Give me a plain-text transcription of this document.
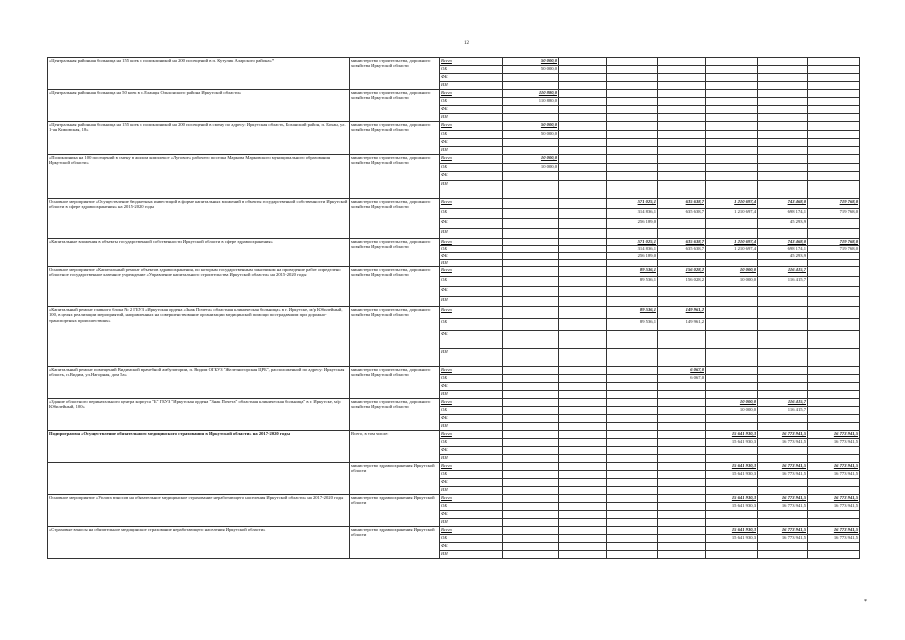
12
«Центральная районная больница на 155 коек с поликлиникой на 200 посещений в п. Кутулик Аларского района»*	министерство строительства, дорожного хозяйства Иркутской области	Всего	50 000,0							
		ОБ	50 000,0							
		ФБ								
		ИИ								
«Центральная районная больница на 50 коек в с.Еланцы Ольхонского района Иркутской области»	министерство строительства, дорожного хозяйства Иркутской области	Всего	110 880,0							
		ОБ	110 880,0							
		ФБ								
		ИИ								
«Центральная районная больница на 155 коек с поликлиникой на 200 посещений в смену по адресу: Иркутская область, Боханский район, п. Бохан, ул. 1-ая Кимовская, 18»	министерство строительства, дорожного хозяйства Иркутской области	Всего	50 000,0							
		ОБ	50 000,0							
		ФБ								
		ИИ								
«Поликлиника на 100 посещений в смену в жилом комплексе «Луговое» рабочего поселка Маркова Марковского муниципального образования Иркутской области»	министерство строительства, дорожного хозяйства Иркутской области	Всего	10 000,0							
		ОБ	10 000,0							
		ФБ								
		ИИ								
Основное мероприятие «Осуществление бюджетных инвестиций в форме капитальных вложений в объекты государственной собственности Иркутской области в сфере здравоохранения» на 2015-2020 годы	министерство строительства, дорожного хозяйства Иркутской области	Всего			571 025,1	635 638,7	1 210 697,4	743 468,0	719 768,0	
		ОБ			314 836,1	635 638,7	1 210 697,4	698 174,1	719 768,0	
		ФБ			256 189,0			45 293,9		
		ИИ								
«Капитальные вложения в объекты государственной собственности Иркутской области в сфере здравоохранения»	министерство строительства, дорожного хозяйства Иркутской области	Всего			571 025,1	635 638,7	1 210 697,4	743 468,0	719 768,0	
		ОБ			314 836,1	635 638,7	1 210 697,4	698 174,1	719 768,0	
		ФБ			256 189,0			45 293,9		
		ИИ								
Основное мероприятие «Капитальный ремонт объектов здравоохранения, по которым государственным заказчиком на проведение работ определено областное государственное казенное учреждение «Управление капитального строительства Иркутской области» на 2015-2020 годы	министерство строительства, дорожного хозяйства Иркутской области	Всего			89 536,1	156 028,2	10 000,0	116 415,7		
		ОБ			89 536,1	156 028,2	10 000,0	116 415,7		
		ФБ								
		ИИ								
«Капитальный ремонт главного блока № 2 ГБУЗ «Иркутская ордена «Знак Почета» областная клиническая больница» в г. Иркутске, м/р Юбилейный, 100, в целях реализации мероприятий, направленных на совершенствование организации медицинской помощи пострадавшим при дорожно-транспортных происшествиях»	министерство строительства, дорожного хозяйства Иркутской области	Всего			89 536,1	149 961,2				
		ОБ			89 536,1	149 961,2				
		ФБ								
		ИИ								
«Капитальный ремонт помещений Видимской врачебной амбулатории, п. Видим ОГБУЗ "Железногорская ЦРБ", расположенной по адресу: Иркутская область, п.Видим, ул.Нагорная, дом 5а»	министерство строительства, дорожного хозяйства Иркутской области	Всего				6 067,0				
		ОБ				6 067,0				
		ФБ								
		ИИ								
«Здание областного перинатального центра корпуса "Б" ГБУЗ "Иркутская ордена "Знак Почета" областная клиническая больница" в г. Иркутске, м/р Юбилейный, 100»	министерство строительства, дорожного хозяйства Иркутской области	Всего					10 000,0	116 415,7		
		ОБ					10 000,0	116 415,7		
		ФБ								
		ИИ								
Подпрограмма «Осуществление обязательного медицинского страхования в Иркутской области» на 2017-2020 годы	Всего, в том числе:	Всего					15 641 930,3	16 773 941,5	16 773 941,5	
		ОБ					15 641 930,3	16 773 941,5	16 773 941,5	
		ФБ								
		ИИ								
	министерство здравоохранения Иркутской области	Всего					15 641 930,3	16 773 941,5	16 773 941,5	
		ОБ					15 641 930,3	16 773 941,5	16 773 941,5	
		ФБ								
		ИИ								
Основное мероприятие «Уплата взносов на обязательное медицинское страхование неработающего населения Иркутской области» на 2017-2020 годы	министерство здравоохранения Иркутской области	Всего					15 641 930,3	16 773 941,5	16 773 941,5	
		ОБ					15 641 930,3	16 773 941,5	16 773 941,5	
		ФБ								
		ИИ								
«Страховые взносы на обязательное медицинское страхование неработающего населения Иркутской области»	министерство здравоохранения Иркутской области	Всего					15 641 930,3	16 773 941,5	16 773 941,5	
		ОБ					15 641 930,3	16 773 941,5	16 773 941,5	
		ФБ								
		ИИ								
*
